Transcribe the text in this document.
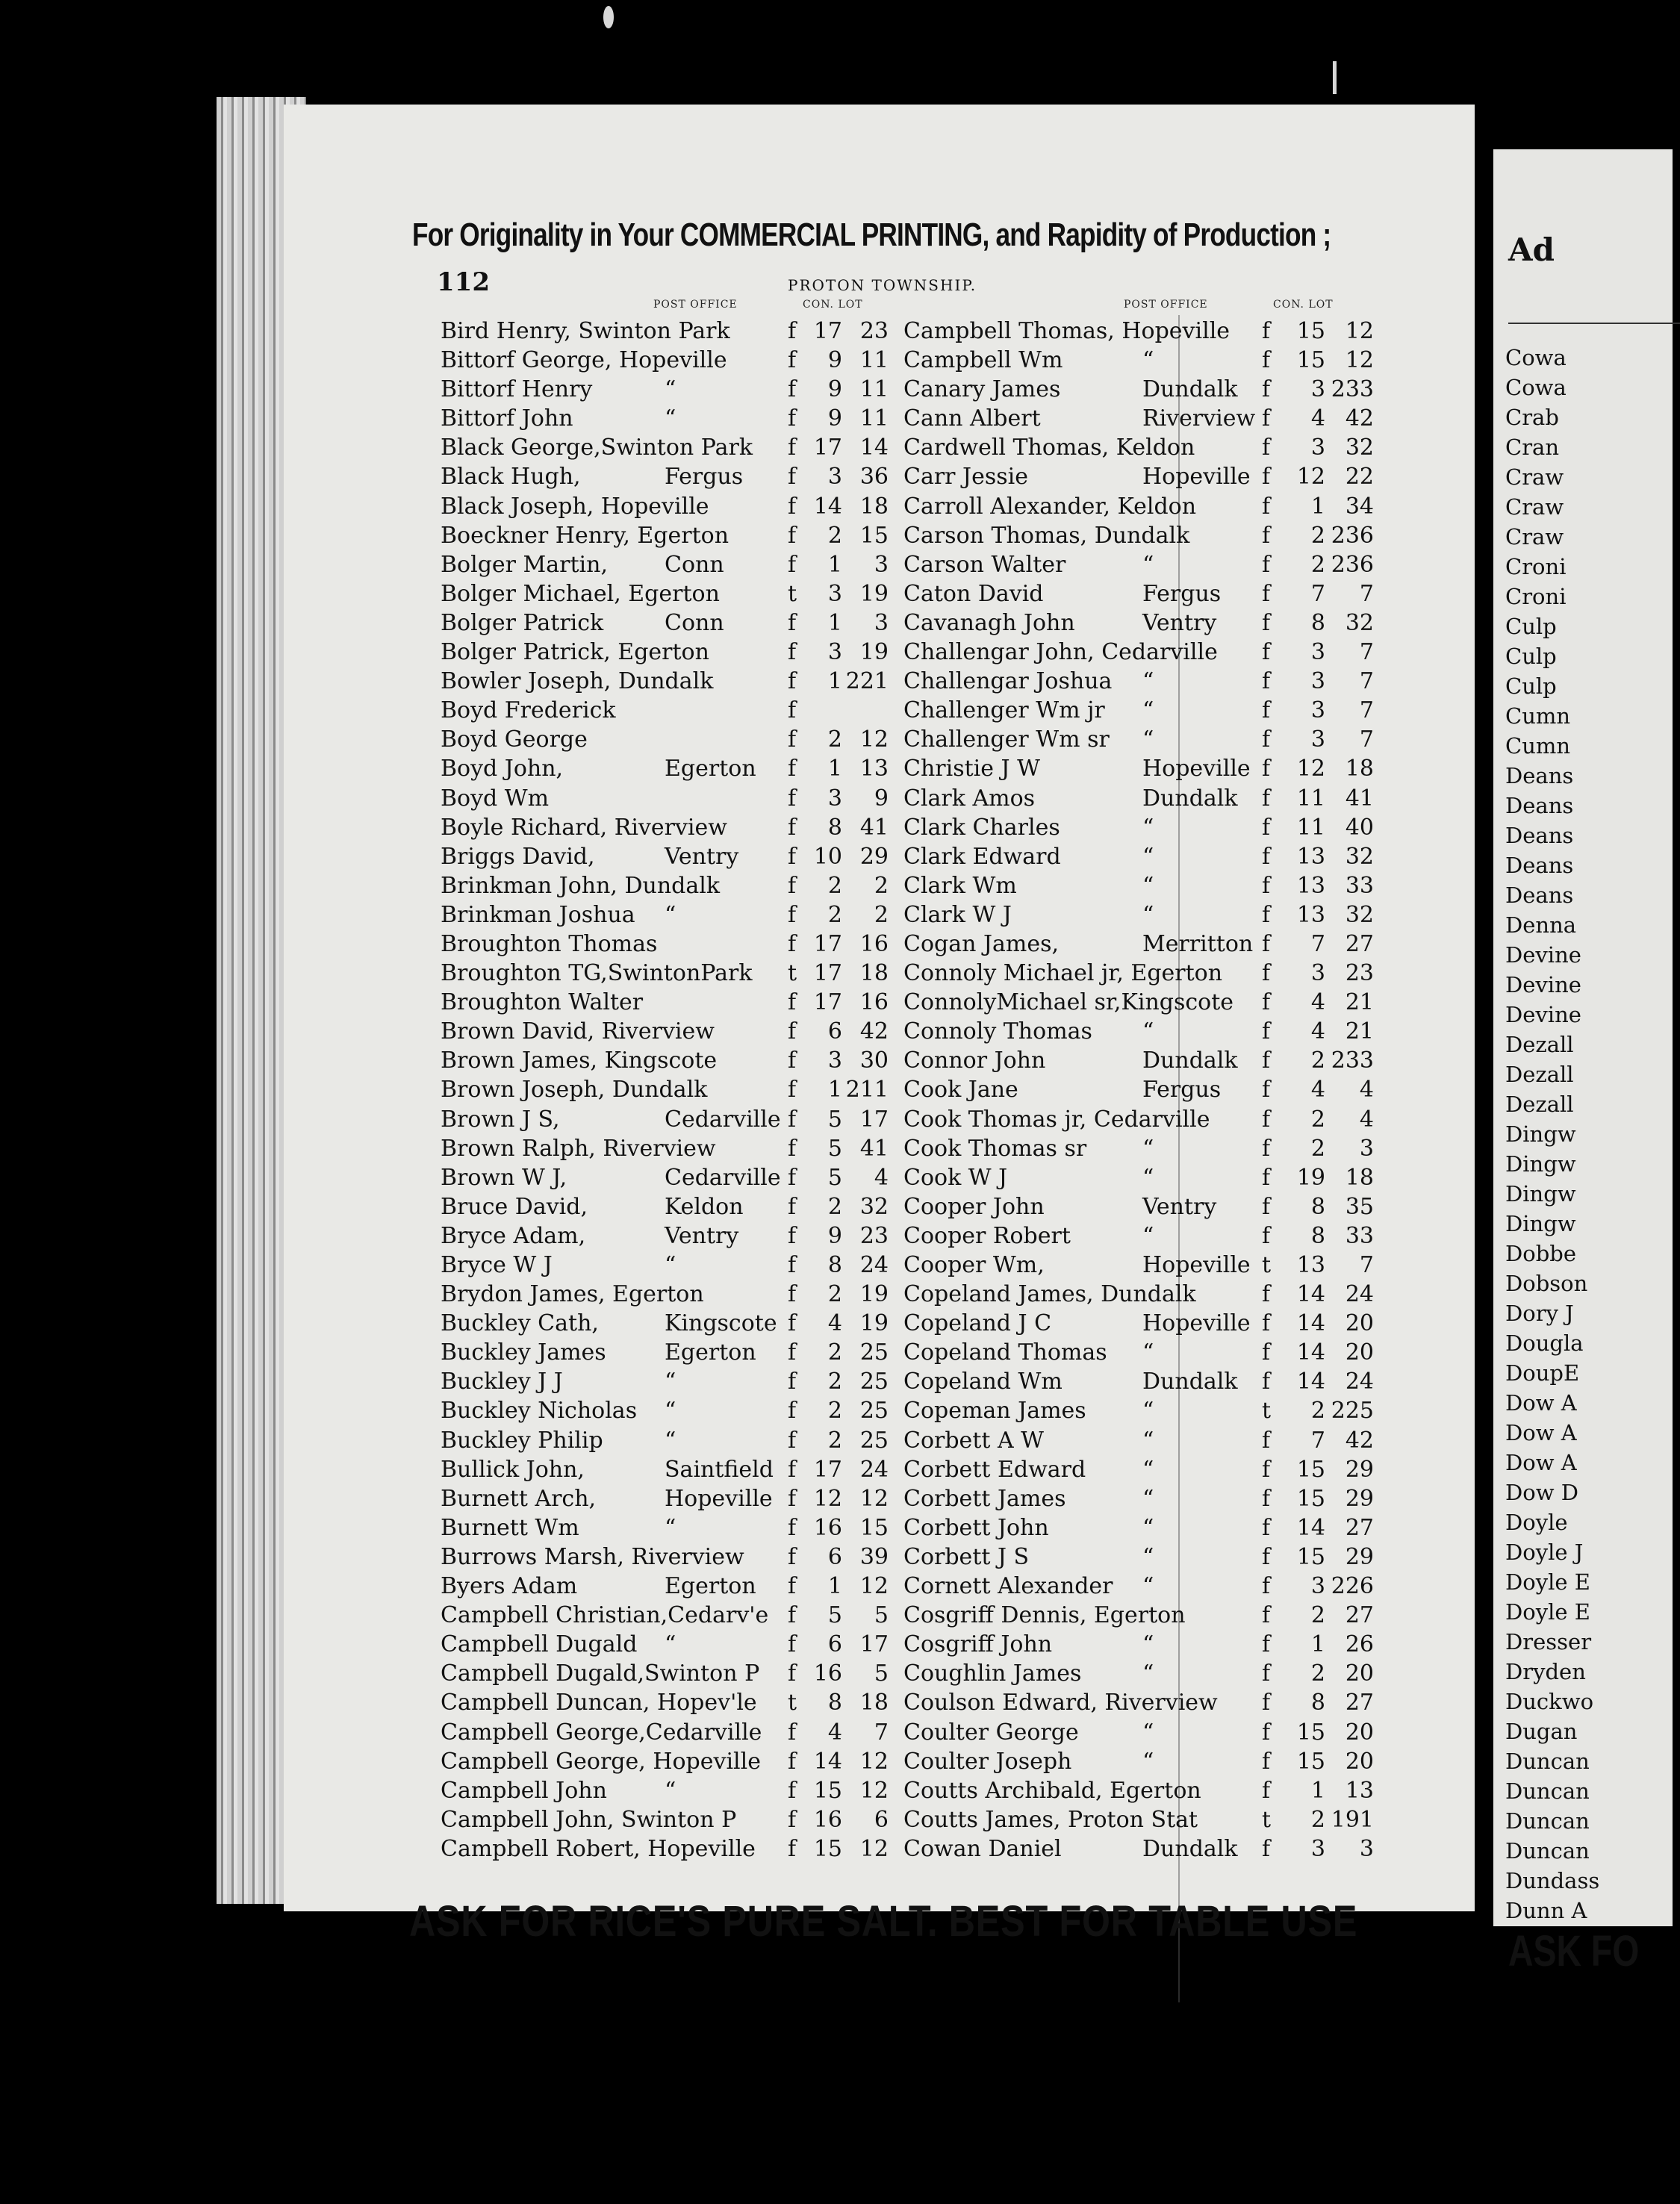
For Originality in Your COMMERCIAL PRINTING, and Rapidity of Production ;
112	PROTON TOWNSHIP.
POST OFFICE	CON. LOT	POST OFFICE	CON. LOT
Bird Henry, Swinton Park	f 17 23
Bittorf George, Hopeville	f 9 11
Bittorf Henry	“	f 9 11
Bittorf John	“	f 9 11
Black George,Swinton Park f 17 14
Black Hugh,	Fergus f 3 36
Black Joseph, Hopeville	f 14 18
Boeckner Henry, Egerton	f 2 15
Bolger Martin,	Conn	f 1 3
Bolger Michael, Egerton	t 3 19
Bolger Patrick	Conn	f 1 3
Bolger Patrick, Egerton	f 3 19
Bowler Joseph, Dundalk	f 1 221
Boyd Frederick	f
Boyd George	f 2 12
Boyd John,	Egerton f 1 13
Boyd Wm	f 3 9
Boyle Richard, Riverview	f 8 41
Briggs David,	Ventry f 10 29
Brinkman John, Dundalk	f 2 2
Brinkman Joshua “	f 2 2
Broughton Thomas	f 17 16
Broughton TG,SwintonPark t 17 18
Broughton Walter	f 17 16
Brown David, Riverview	f 6 42
Brown James, Kingscote	f 3 30
Brown Joseph, Dundalk	f 1 211
Brown J S,	Cedarville f 5 17
Brown Ralph, Riverview	f 5 41
Brown W J,	Cedarville f 5 4
Bruce David,	Keldon f 2 32
Bryce Adam,	Ventry f 9 23
Bryce W J	“	f 8 24
Brydon James, Egerton	f 2 19
Buckley Cath,	Kingscote f 4 19
Buckley James	Egerton f 2 25
Buckley J J	“	f 2 25
Buckley Nicholas “	f 2 25
Buckley Philip	“	f 2 25
Bullick John,	Saintfield f 17 24
Burnett Arch,	Hopeville f 12 12
Burnett Wm	“	f 16 15
Burrows Marsh, Riverview f 6 39
Byers Adam	Egerton f 1 12
Campbell Christian,Cedarv'e f 5 5
Campbell Dugald “	f 6 17
Campbell Dugald,Swinton P f 16 5
Campbell Duncan, Hopev'le t 8 18
Campbell George,Cedarville f 4 7
Campbell George, Hopeville f 14 12
Campbell John	“	f 15 12
Campbell John, Swinton P f 16 6
Campbell Robert, Hopeville f 15 12
Campbell Thomas, Hopeville f 15 12
Campbell Wm	“	f 15 12
Canary James	Dundalk f 3 233
Cann Albert	Riverview f 4 42
Cardwell Thomas, Keldon	f 3 32
Carr Jessie	Hopeville f 12 22
Carroll Alexander, Keldon	f 1 34
Carson Thomas, Dundalk	f 2 236
Carson Walter	“	f 2 236
Caton David	Fergus f 7 7
Cavanagh John	Ventry f 8 32
Challengar John, Cedarville f 3 7
Challengar Joshua “	f 3 7
Challenger Wm jr “	f 3 7
Challenger Wm sr “	f 3 7
Christie J W	Hopeville f 12 18
Clark Amos	Dundalk f 11 41
Clark Charles	“	f 11 40
Clark Edward	“	f 13 32
Clark Wm	“	f 13 33
Clark W J	“	f 13 32
Cogan James,	Merritton f 7 27
Connoly Michael jr, Egerton f 3 23
ConnolyMichael sr,Kingscote f 4 21
Connoly Thomas “	f 4 21
Connor John	Dundalk f 2 233
Cook Jane	Fergus f 4 4
Cook Thomas jr, Cedarville f 2 4
Cook Thomas sr “	f 2 3
Cook W J	“	f 19 18
Cooper John	Ventry f 8 35
Cooper Robert	“	f 8 33
Cooper Wm,	Hopeville t 13 7
Copeland James, Dundalk	f 14 24
Copeland J C	Hopeville f 14 20
Copeland Thomas “	f 14 20
Copeland Wm	Dundalk f 14 24
Copeman James	“	t 2 225
Corbett A W	“	f 7 42
Corbett Edward	“	f 15 29
Corbett James	“	f 15 29
Corbett John	“	f 14 27
Corbett J S	“	f 15 29
Cornett Alexander “	f 3 226
Cosgriff Dennis, Egerton	f 2 27
Cosgriff John	“	f 1 26
Coughlin James	“	f 2 20
Coulson Edward, Riverview f 8 27
Coulter George	“	f 15 20
Coulter Joseph	“	f 15 20
Coutts Archibald, Egerton	f 1 13
Coutts James, Proton Stat	t 2 191
Cowan Daniel	Dundalk f 3 3
ASK FOR RICE'S PURE SALT. BEST FOR TABLE USE
Ad
Cowa
Cowa
Crab
Cran
Craw
Craw
Craw
Croni
Croni
Culp
Culp
Culp
Cumn
Cumn
Deans
Deans
Deans
Deans
Deans
Denna
Devine
Devine
Devine
Dezall
Dezall
Dezall
Dingw
Dingw
Dingw
Dingw
Dobbe
Dobson
Dory J
Dougla
DoupE
Dow A
Dow A
Dow A
Dow D
Doyle
Doyle J
Doyle E
Doyle E
Dresser
Dryden
Duckwo
Dugan
Duncan
Duncan
Duncan
Duncan
Dundass
Dunn A
ASK FO
